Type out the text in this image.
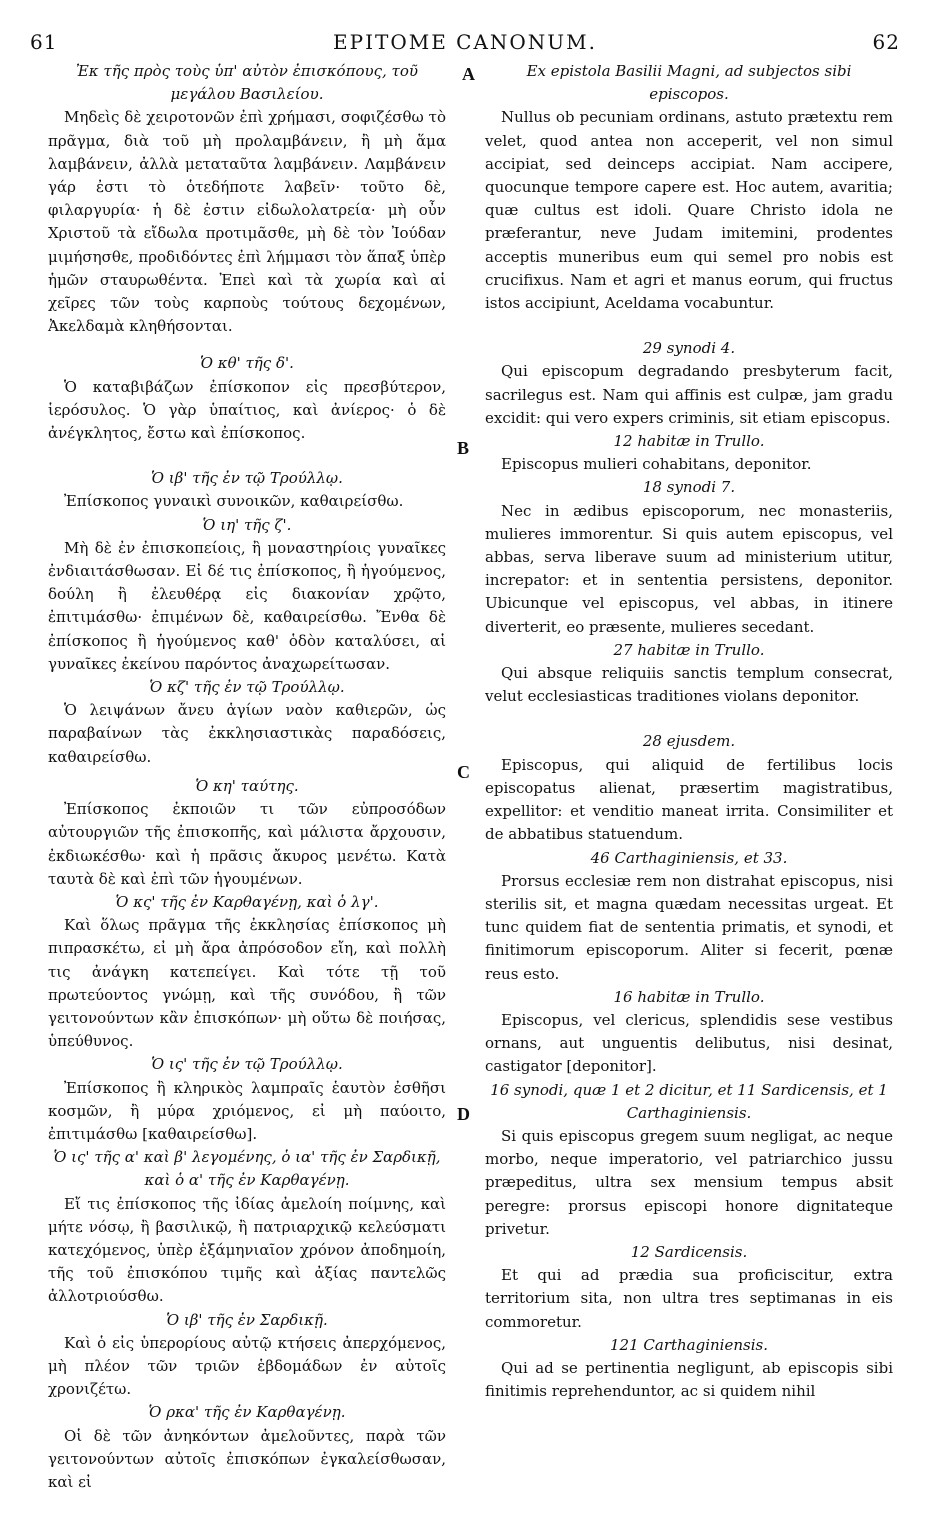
61	EPITOME CANONUM.	62

Ἐκ τῆς πρὸς τοὺς ὑπ' αὐτὸν ἐπισκόπους, τοῦ μεγάλου Βασιλείου.

Μηδεὶς δὲ χειροτονῶν ἐπὶ χρήμασι, σοφιζέσθω τὸ πρᾶγμα, διὰ τοῦ μὴ προλαμβάνειν, ἢ μὴ ἅμα λαμβάνειν, ἀλλὰ μεταταῦτα λαμβάνειν. Λαμβάνειν γάρ ἐστι τὸ ὁτεδήποτε λαβεῖν· τοῦτο δὲ, φιλαργυρία· ἡ δὲ ἐστιν εἰδωλολατρεία· μὴ οὖν Χριστοῦ τὰ εἴδωλα προτιμᾶσθε, μὴ δὲ τὸν Ἰούδαν μιμήσησθε, προδιδόντες ἐπὶ λήμμασι τὸν ἅπαξ ὑπὲρ ἡμῶν σταυρωθέντα. Ἐπεὶ καὶ τὰ χωρία καὶ αἱ χεῖρες τῶν τοὺς καρποὺς τούτους δεχομένων, Ἀκελδαμὰ κληθήσονται.

Ὁ κθ' τῆς δ'.

Ὁ καταβιβάζων ἐπίσκοπον εἰς πρεσβύτερον, ἱερόσυλος. Ὁ γὰρ ὑπαίτιος, καὶ ἀνίερος· ὁ δὲ ἀνέγκλητος, ἔστω καὶ ἐπίσκοπος.

Ὁ ιβ' τῆς ἐν τῷ Τρούλλῳ.

Ἐπίσκοπος γυναικὶ συνοικῶν, καθαιρείσθω.

Ὁ ιη' τῆς ζ'.

Μὴ δὲ ἐν ἐπισκοπείοις, ἢ μοναστηρίοις γυναῖκες ἐνδιαιτάσθωσαν. Εἰ δέ τις ἐπίσκοπος, ἢ ἡγούμενος, δούλη ἢ ἐλευθέρᾳ εἰς διακονίαν χρῷτο, ἐπιτιμάσθω· ἐπιμένων δὲ, καθαιρείσθω. Ἔνθα δὲ ἐπίσκοπος ἢ ἡγούμενος καθ' ὁδὸν καταλύσει, αἱ γυναῖκες ἐκείνου παρόντος ἀναχωρείτωσαν.

Ὁ κζ' τῆς ἐν τῷ Τρούλλῳ.

Ὁ λειψάνων ἄνευ ἁγίων ναὸν καθιερῶν, ὡς παραβαίνων τὰς ἐκκλησιαστικὰς παραδόσεις, καθαιρείσθω.

Ὁ κη' ταύτης.

Ἐπίσκοπος ἐκποιῶν τι τῶν εὐπροσόδων αὐτουργιῶν τῆς ἐπισκοπῆς, καὶ μάλιστα ἄρχουσιν, ἐκδιωκέσθω· καὶ ἡ πρᾶσις ἄκυρος μενέτω. Κατὰ ταυτὰ δὲ καὶ ἐπὶ τῶν ἡγουμένων.

Ὁ κς' τῆς ἐν Καρθαγένῃ, καὶ ὁ λγ'.

Καὶ ὅλως πρᾶγμα τῆς ἐκκλησίας ἐπίσκοπος μὴ πιπρασκέτω, εἰ μὴ ἄρα ἀπρόσοδον εἴη, καὶ πολλὴ τις ἀνάγκη κατεπείγει. Καὶ τότε τῇ τοῦ πρωτεύοντος γνώμῃ, καὶ τῆς συνόδου, ἢ τῶν γειτονούντων κἂν ἐπισκόπων· μὴ οὕτω δὲ ποιήσας, ὑπεύθυνος.

Ὁ ις' τῆς ἐν τῷ Τρούλλῳ.

Ἐπίσκοπος ἢ κληρικὸς λαμπραῖς ἑαυτὸν ἐσθῆσι κοσμῶν, ἢ μύρα χριόμενος, εἰ μὴ παύοιτο, ἐπιτιμάσθω [καθαιρείσθω].

Ὁ ις' τῆς α' καὶ β' λεγομένης, ὁ ια' τῆς ἐν Σαρδικῇ, καὶ ὁ α' τῆς ἐν Καρθαγένῃ.

Εἴ τις ἐπίσκοπος τῆς ἰδίας ἀμελοίη ποίμνης, καὶ μήτε νόσῳ, ἢ βασιλικῷ, ἢ πατριαρχικῷ κελεύσματι κατεχόμενος, ὑπὲρ ἑξάμηνιαῖον χρόνον ἀποδημοίη, τῆς τοῦ ἐπισκόπου τιμῆς καὶ ἀξίας παντελῶς ἀλλοτριούσθω.

Ὁ ιβ' τῆς ἐν Σαρδικῇ.

Καὶ ὁ εἰς ὑπερορίους αὐτῷ κτήσεις ἀπερχόμενος, μὴ πλέον τῶν τριῶν ἑβδομάδων ἐν αὐτοῖς χρονιζέτω.

Ὁ ρκα' τῆς ἐν Καρθαγένῃ.

Οἱ δὲ τῶν ἀνηκόντων ἀμελοῦντες, παρὰ τῶν γειτονούντων αὐτοῖς ἐπισκόπων ἐγκαλείσθωσαν, καὶ εἰ

A
B
C
D

Ex epistola Basilii Magni, ad subjectos sibi episcopos.

Nullus ob pecuniam ordinans, astuto prætextu rem velet, quod antea non acceperit, vel non simul accipiat, sed deinceps accipiat. Nam accipere, quocunque tempore capere est. Hoc autem, avaritia; quæ cultus est idoli. Quare Christo idola ne præferantur, neve Judam imitemini, prodentes acceptis muneribus eum qui semel pro nobis est crucifixus. Nam et agri et manus eorum, qui fructus istos accipiunt, Aceldama vocabuntur.

29 synodi 4.

Qui episcopum degradando presbyterum facit, sacrilegus est. Nam qui affinis est culpæ, jam gradu excidit: qui vero expers criminis, sit etiam episcopus.

12 habitæ in Trullo.

Episcopus mulieri cohabitans, deponitor.

18 synodi 7.

Nec in ædibus episcoporum, nec monasteriis, mulieres immorentur. Si quis autem episcopus, vel abbas, serva liberave suum ad ministerium utitur, increpator: et in sententia persistens, deponitor. Ubicunque vel episcopus, vel abbas, in itinere diverterit, eo præsente, mulieres secedant.

27 habitæ in Trullo.

Qui absque reliquiis sanctis templum consecrat, velut ecclesiasticas traditiones violans deponitor.

28 ejusdem.

Episcopus, qui aliquid de fertilibus locis episcopatus alienat, præsertim magistratibus, expellitor: et venditio maneat irrita. Consimiliter et de abbatibus statuendum.

46 Carthaginiensis, et 33.

Prorsus ecclesiæ rem non distrahat episcopus, nisi sterilis sit, et magna quædam necessitas urgeat. Et tunc quidem fiat de sententia primatis, et synodi, et finitimorum episcoporum. Aliter si fecerit, pœnæ reus esto.

16 habitæ in Trullo.

Episcopus, vel clericus, splendidis sese vestibus ornans, aut unguentis delibutus, nisi desinat, castigator [deponitor].

16 synodi, quæ 1 et 2 dicitur, et 11 Sardicensis, et 1 Carthaginiensis.

Si quis episcopus gregem suum negligat, ac neque morbo, neque imperatorio, vel patriarchico jussu præpeditus, ultra sex mensium tempus absit peregre: prorsus episcopi honore dignitateque privetur.

12 Sardicensis.

Et qui ad prædia sua proficiscitur, extra territorium sita, non ultra tres septimanas in eis commoretur.

121 Carthaginiensis.

Qui ad se pertinentia negligunt, ab episcopis sibi finitimis reprehenduntor, ac si quidem nihil
